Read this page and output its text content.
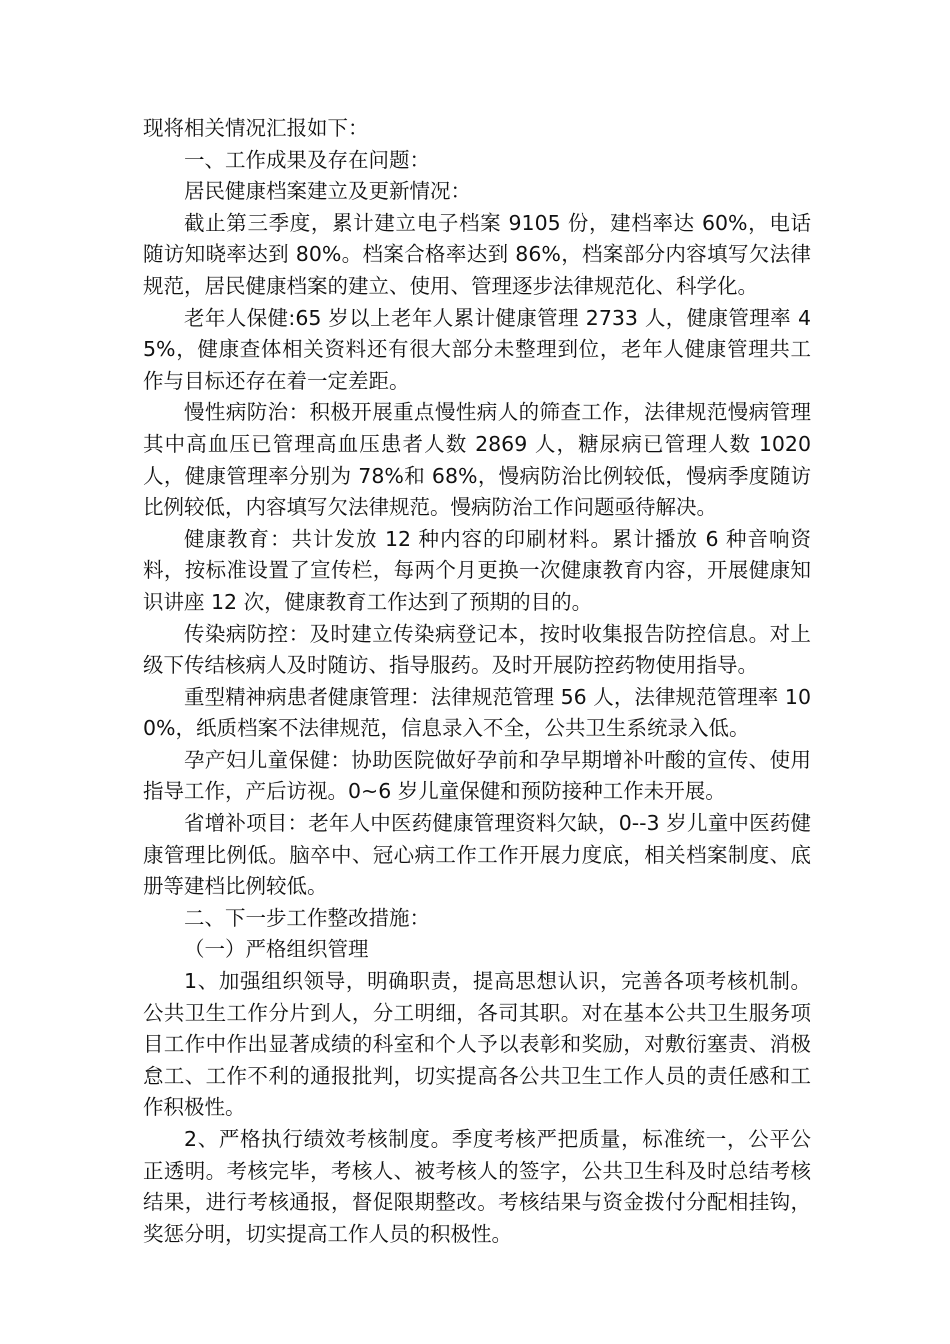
现将相关情况汇报如下：

一、工作成果及存在问题：

居民健康档案建立及更新情况：

截止第三季度，累计建立电子档案 9105 份，建档率达 60%，电话随访知晓率达到 80%。档案合格率达到 86%，档案部分内容填写欠法律规范，居民健康档案的建立、使用、管理逐步法律规范化、科学化。

老年人保健:65 岁以上老年人累计健康管理 2733 人，健康管理率 45%，健康查体相关资料还有很大部分未整理到位，老年人健康管理共工作与目标还存在着一定差距。

慢性病防治：积极开展重点慢性病人的筛查工作，法律规范慢病管理其中高血压已管理高血压患者人数 2869 人，糖尿病已管理人数 1020 人，健康管理率分别为 78%和 68%，慢病防治比例较低，慢病季度随访比例较低，内容填写欠法律规范。慢病防治工作问题亟待解决。

健康教育：共计发放 12 种内容的印刷材料。累计播放 6 种音响资料，按标准设置了宣传栏，每两个月更换一次健康教育内容，开展健康知识讲座 12 次，健康教育工作达到了预期的目的。

传染病防控：及时建立传染病登记本，按时收集报告防控信息。对上级下传结核病人及时随访、指导服药。及时开展防控药物使用指导。

重型精神病患者健康管理：法律规范管理 56 人，法律规范管理率 100%，纸质档案不法律规范，信息录入不全，公共卫生系统录入低。

孕产妇儿童保健：协助医院做好孕前和孕早期增补叶酸的宣传、使用指导工作，产后访视。0~6 岁儿童保健和预防接种工作未开展。

省增补项目：老年人中医药健康管理资料欠缺，0--3 岁儿童中医药健康管理比例低。脑卒中、冠心病工作工作开展力度底，相关档案制度、底册等建档比例较低。

二、下一步工作整改措施：

（一）严格组织管理

1、加强组织领导，明确职责，提高思想认识，完善各项考核机制。公共卫生工作分片到人，分工明细，各司其职。对在基本公共卫生服务项目工作中作出显著成绩的科室和个人予以表彰和奖励，对敷衍塞责、消极怠工、工作不利的通报批判，切实提高各公共卫生工作人员的责任感和工作积极性。

2、严格执行绩效考核制度。季度考核严把质量，标准统一，公平公正透明。考核完毕，考核人、被考核人的签字，公共卫生科及时总结考核结果，进行考核通报，督促限期整改。考核结果与资金拨付分配相挂钩，奖惩分明，切实提高工作人员的积极性。
